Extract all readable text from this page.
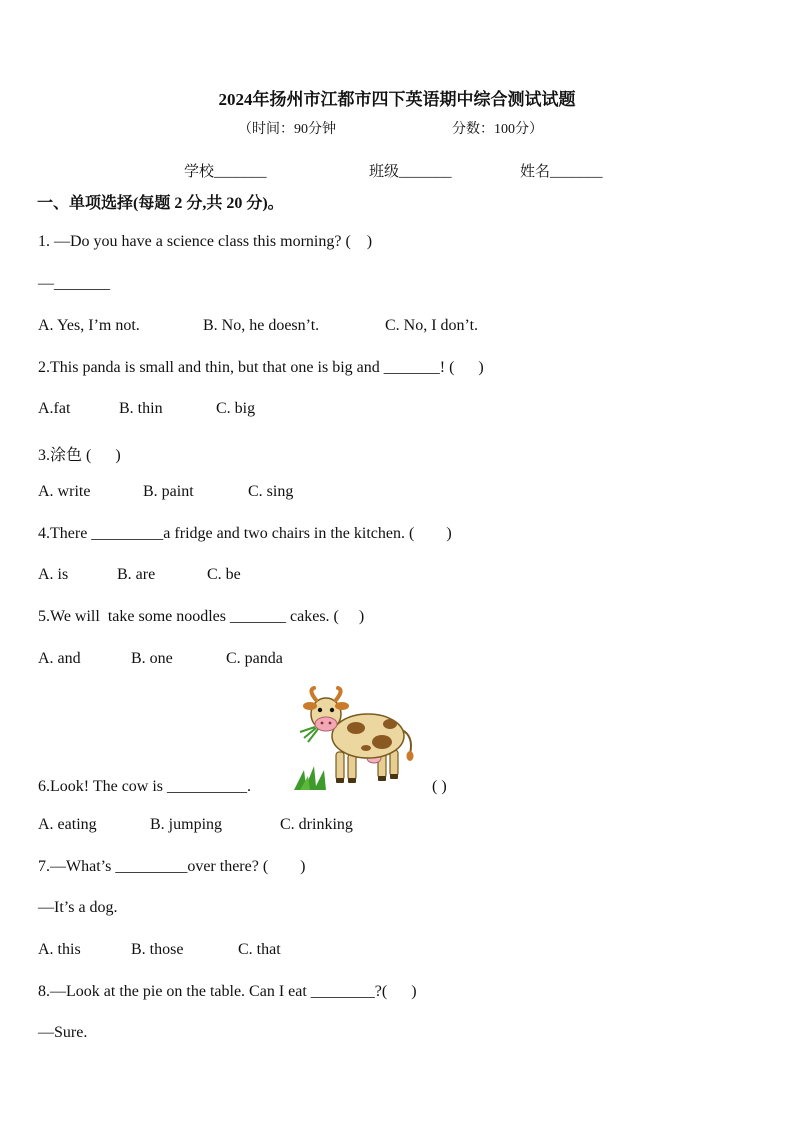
2024年扬州市江都市四下英语期中综合测试试题
（时间：90分钟	分数：100分）
学校_______	班级_______	姓名_______
一、单项选择(每题 2 分,共 20 分)。
1. —Do you have a science class this morning? (    )
—_______
A. Yes, I’m not.	B. No, he doesn’t.	C. No, I don’t.
2.This panda is small and thin, but that one is big and _______! (      )
A.fat	B. thin	C. big
3.涂色 (      )
A. write	B. paint	C. sing
4.There _________a fridge and two chairs in the kitchen. (        )
A. is	B. are	C. be
5.We will  take some noodles _______ cakes. (     )
A. and	B. one	C. panda
6.Look! The cow is __________.	( )
A. eating	B. jumping	C. drinking
7.—What’s _________over there? (        )
—It’s a dog.
A. this	B. those	C. that
8.—Look at the pie on the table. Can I eat ________?(      )
—Sure.
